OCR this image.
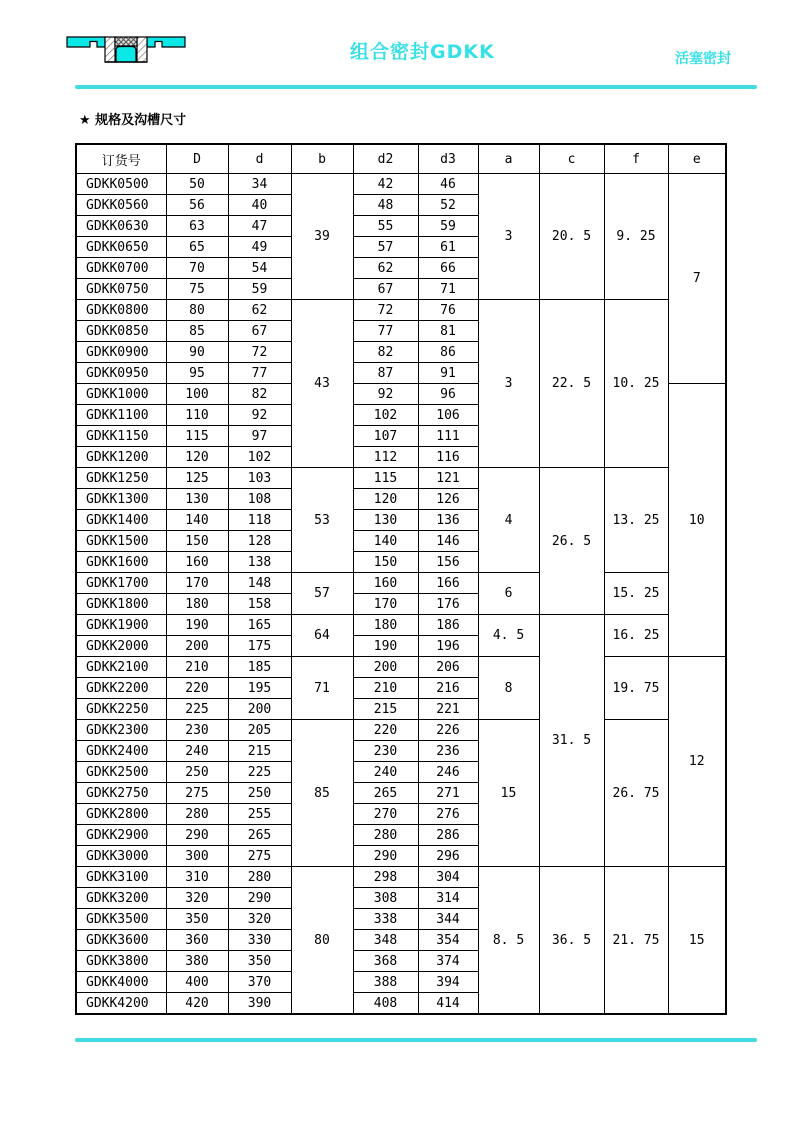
组合密封GDKK	活塞密封
★ 规格及沟槽尺寸
订货号	D	d	b	d2	d3	a	c	f	e
GDKK0500	50	34	39	42	46	3	20. 5	9. 25	7
GDKK0560	56	40		48	52				
GDKK0630	63	47		55	59				
GDKK0650	65	49		57	61				
GDKK0700	70	54		62	66				
GDKK0750	75	59		67	71				
GDKK0800	80	62	43	72	76	3	22. 5	10. 25	
GDKK0850	85	67		77	81				
GDKK0900	90	72		82	86				
GDKK0950	95	77		87	91				
GDKK1000	100	82		92	96				10
GDKK1100	110	92		102	106				
GDKK1150	115	97		107	111				
GDKK1200	120	102		112	116				
GDKK1250	125	103	53	115	121	4	26. 5	13. 25	
GDKK1300	130	108		120	126				
GDKK1400	140	118		130	136				
GDKK1500	150	128		140	146				
GDKK1600	160	138		150	156				
GDKK1700	170	148	57	160	166	6		15. 25	
GDKK1800	180	158		170	176				
GDKK1900	190	165	64	180	186	4. 5	31. 5	16. 25	
GDKK2000	200	175		190	196				
GDKK2100	210	185	71	200	206	8		19. 75	12
GDKK2200	220	195		210	216				
GDKK2250	225	200		215	221				
GDKK2300	230	205	85	220	226	15		26. 75	
GDKK2400	240	215		230	236				
GDKK2500	250	225		240	246				
GDKK2750	275	250		265	271				
GDKK2800	280	255		270	276				
GDKK2900	290	265		280	286				
GDKK3000	300	275		290	296				
GDKK3100	310	280	80	298	304	8. 5	36. 5	21. 75	15
GDKK3200	320	290		308	314				
GDKK3500	350	320		338	344				
GDKK3600	360	330		348	354				
GDKK3800	380	350		368	374				
GDKK4000	400	370		388	394				
GDKK4200	420	390		408	414				
